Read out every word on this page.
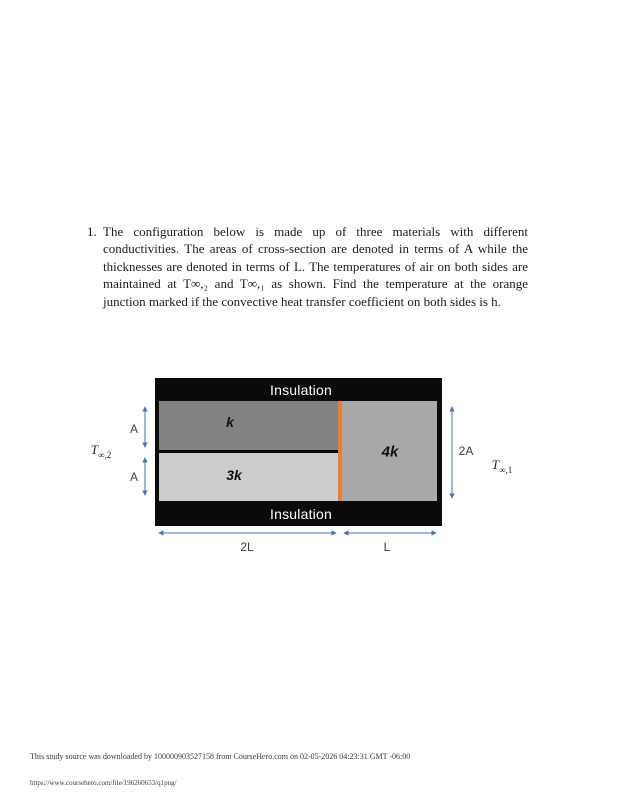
1. The configuration below is made up of three materials with different conductivities. The areas of cross-section are denoted in terms of A while the thicknesses are denoted in terms of L. The temperatures of air on both sides are maintained at T∞,₂ and T∞,₁ as shown. Find the temperature at the orange junction marked if the convective heat transfer coefficient on both sides is h.

Insulation
Insulation
k
3k
4k
A
A
2A
2L	L
$T_{\infty,2}$
$T_{\infty,1}$
This study source was downloaded by 100000903527158 from CourseHero.com on 02-05-2026 04:23:31 GMT -06:00
https://www.coursehero.com/file/196260653/q1png/
